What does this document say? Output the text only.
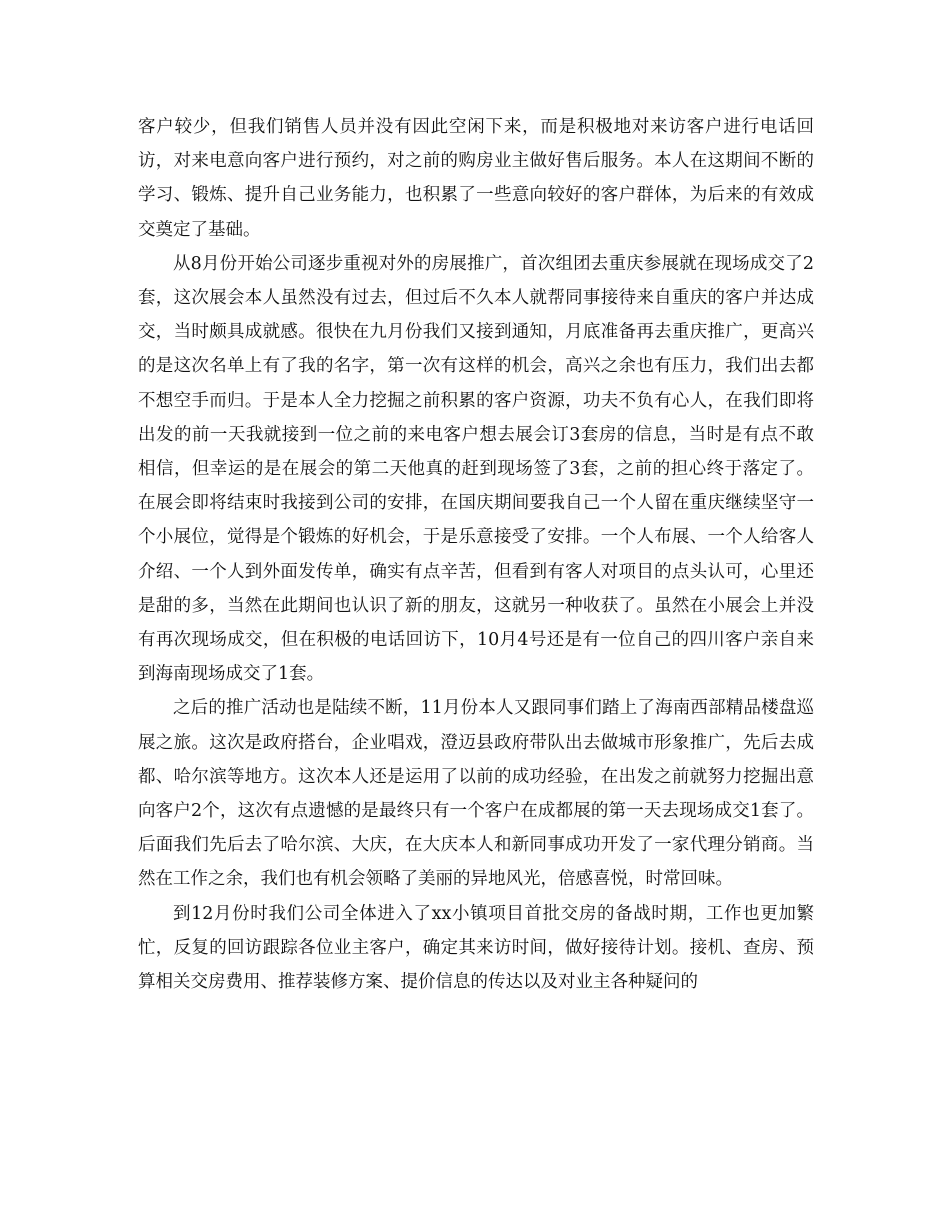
客户较少，但我们销售人员并没有因此空闲下来，而是积极地对来访客户进行电话回访，对来电意向客户进行预约，对之前的购房业主做好售后服务。本人在这期间不断的学习、锻炼、提升自己业务能力，也积累了一些意向较好的客户群体，为后来的有效成交奠定了基础。

从8月份开始公司逐步重视对外的房展推广，首次组团去重庆参展就在现场成交了2套，这次展会本人虽然没有过去，但过后不久本人就帮同事接待来自重庆的客户并达成交，当时颇具成就感。很快在九月份我们又接到通知，月底准备再去重庆推广，更高兴的是这次名单上有了我的名字，第一次有这样的机会，高兴之余也有压力，我们出去都不想空手而归。于是本人全力挖掘之前积累的客户资源，功夫不负有心人，在我们即将出发的前一天我就接到一位之前的来电客户想去展会订3套房的信息，当时是有点不敢相信，但幸运的是在展会的第二天他真的赶到现场签了3套，之前的担心终于落定了。在展会即将结束时我接到公司的安排，在国庆期间要我自己一个人留在重庆继续坚守一个小展位，觉得是个锻炼的好机会，于是乐意接受了安排。一个人布展、一个人给客人介绍、一个人到外面发传单，确实有点辛苦，但看到有客人对项目的点头认可，心里还是甜的多，当然在此期间也认识了新的朋友，这就另一种收获了。虽然在小展会上并没有再次现场成交，但在积极的电话回访下，10月4号还是有一位自己的四川客户亲自来到海南现场成交了1套。

之后的推广活动也是陆续不断，11月份本人又跟同事们踏上了海南西部精品楼盘巡展之旅。这次是政府搭台，企业唱戏，澄迈县政府带队出去做城市形象推广，先后去成都、哈尔滨等地方。这次本人还是运用了以前的成功经验，在出发之前就努力挖掘出意向客户2个，这次有点遗憾的是最终只有一个客户在成都展的第一天去现场成交1套了。后面我们先后去了哈尔滨、大庆，在大庆本人和新同事成功开发了一家代理分销商。当然在工作之余，我们也有机会领略了美丽的异地风光，倍感喜悦，时常回味。

到12月份时我们公司全体进入了xx小镇项目首批交房的备战时期，工作也更加繁忙，反复的回访跟踪各位业主客户，确定其来访时间，做好接待计划。接机、查房、预算相关交房费用、推荐装修方案、提价信息的传达以及对业主各种疑问的
